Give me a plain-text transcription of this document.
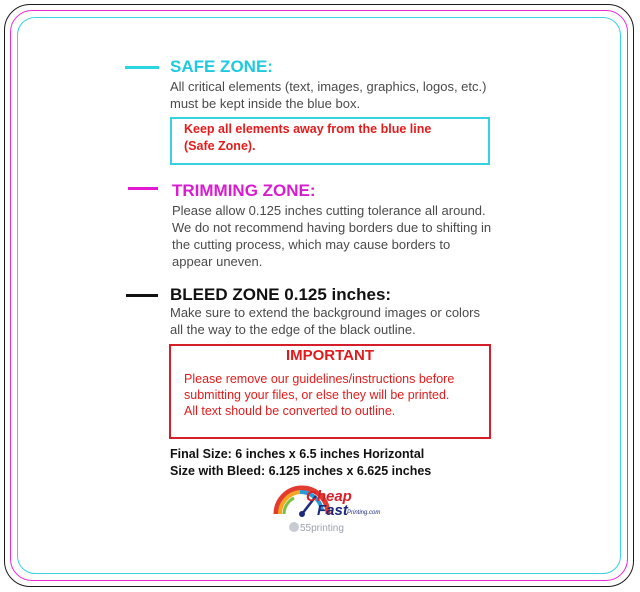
SAFE ZONE:
All critical elements (text, images, graphics, logos, etc.)
must be kept inside the blue box.
Keep all elements away from the blue line
(Safe Zone).
TRIMMING ZONE:
Please allow 0.125 inches cutting tolerance all around.
We do not recommend having borders due to shifting in
the cutting process, which may cause borders to
appear uneven.
BLEED ZONE 0.125 inches:
Make sure to extend the background images or colors
all the way to the edge of the black outline.
IMPORTANT
Please remove our guidelines/instructions before
submitting your files, or else they will be printed.
All text should be converted to outline.
Final Size: 6 inches x 6.5 inches Horizontal
Size with Bleed: 6.125 inches x 6.625 inches
Cheap
Fast Printing.com
55printing
